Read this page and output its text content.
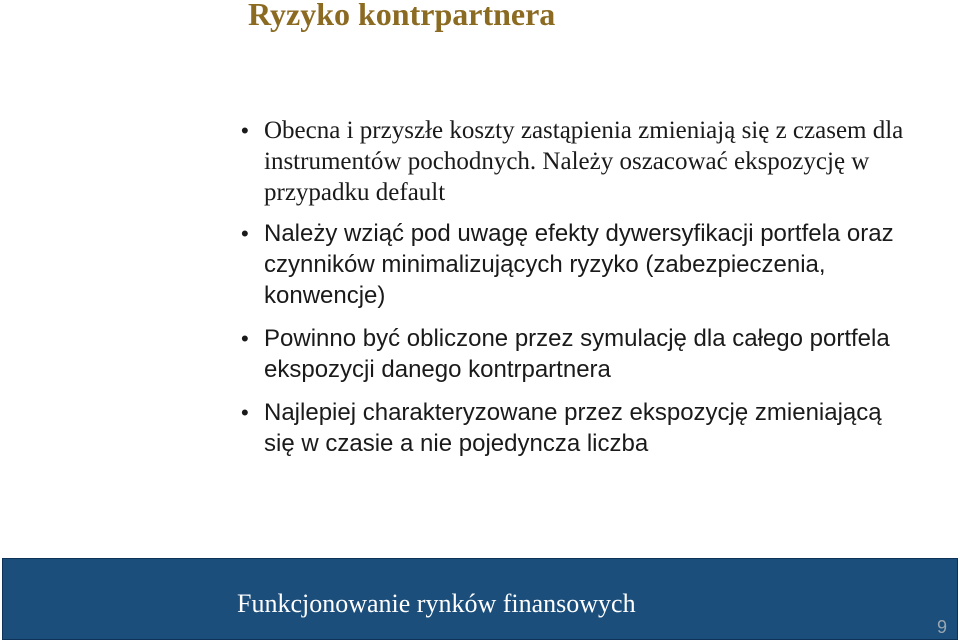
Ryzyko kontrpartnera
• Obecna i przyszłe koszty zastąpienia zmieniają się z czasem dla instrumentów pochodnych. Należy oszacować ekspozycję w przypadku default
• Należy wziąć pod uwagę efekty dywersyfikacji portfela oraz czynników minimalizujących ryzyko (zabezpieczenia, konwencje)
• Powinno być obliczone przez symulację dla całego portfela ekspozycji danego kontrpartnera
• Najlepiej charakteryzowane przez ekspozycję zmieniającą się w czasie a nie pojedyncza liczba
Funkcjonowanie rynków finansowych
9
